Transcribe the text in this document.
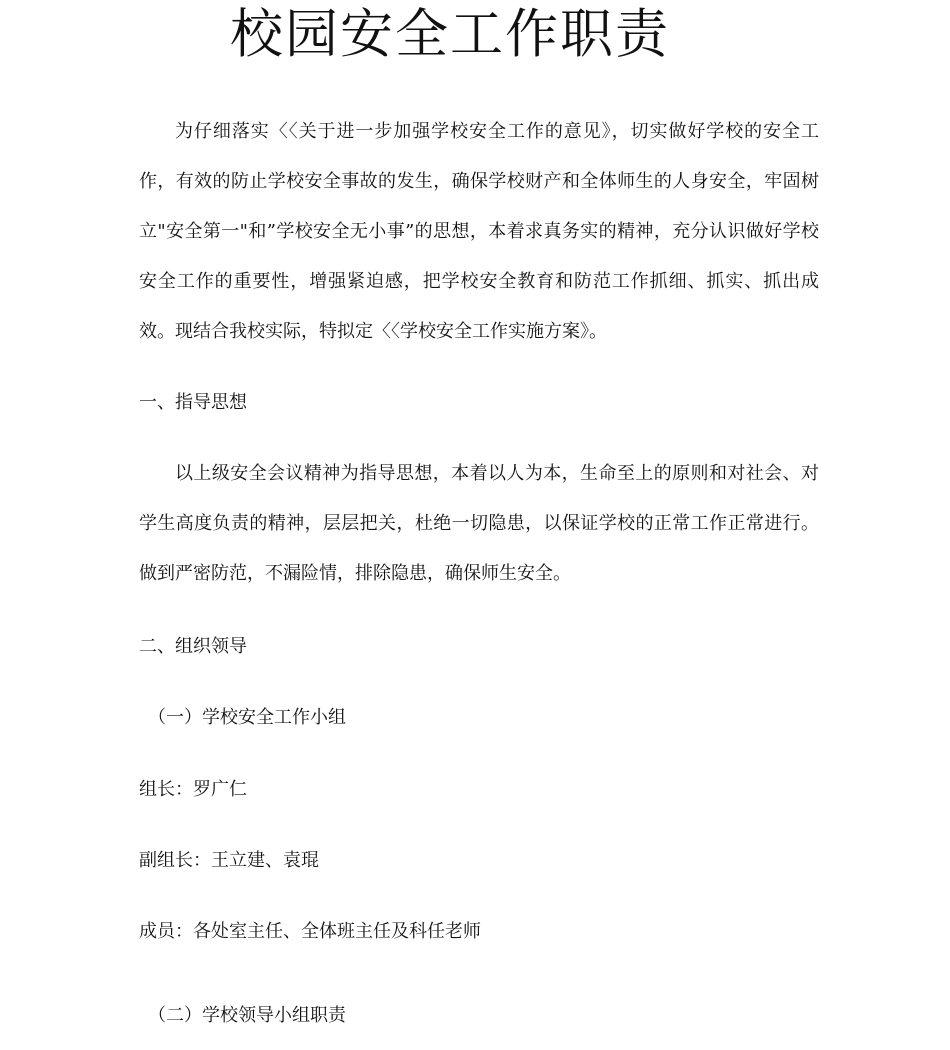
校园安全工作职责

为仔细落实〈〈关于进一步加强学校安全工作的意见》，切实做好学校的安全工作，有效的防止学校安全事故的发生，确保学校财产和全体师生的人身安全，牢固树立"安全第一"和”学校安全无小事”的思想，本着求真务实的精神，充分认识做好学校安全工作的重要性，增强紧迫感，把学校安全教育和防范工作抓细、抓实、抓出成效。现结合我校实际，特拟定〈〈学校安全工作实施方案》。

一、指导思想

以上级安全会议精神为指导思想，本着以人为本，生命至上的原则和对社会、对学生高度负责的精神，层层把关，杜绝一切隐患，以保证学校的正常工作正常进行。做到严密防范，不漏险情，排除隐患，确保师生安全。

二、组织领导

（一）学校安全工作小组

组长：罗广仁

副组长：王立建、袁琨

成员：各处室主任、全体班主任及科任老师

（二）学校领导小组职责
